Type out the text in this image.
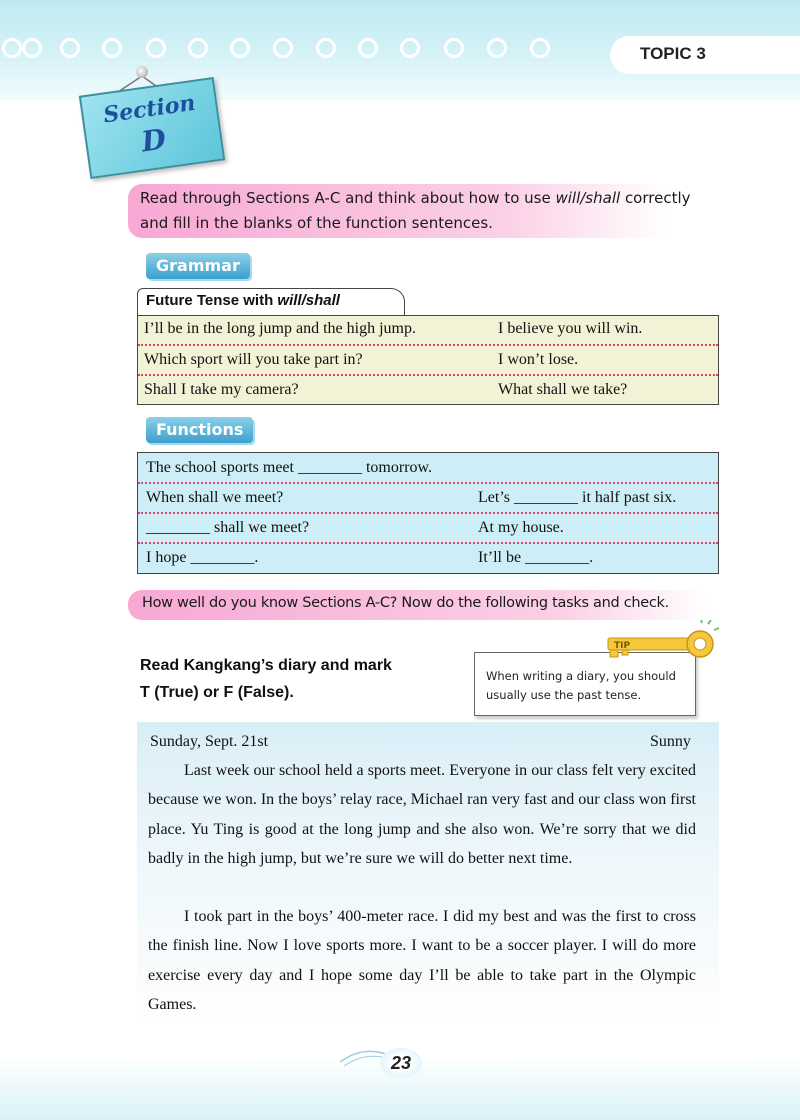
TOPIC 3
Section
D
Read through Sections A-C and think about how to use will/shall correctly
and fill in the blanks of the function sentences.
Grammar
Future Tense with will/shall
I’ll be in the long jump and the high jump.	I believe you will win.
Which sport will you take part in?	I won’t lose.
Shall I take my camera?	What shall we take?
Functions
The school sports meet ________ tomorrow.
When shall we meet?	Let’s ________ it half past six.
________ shall we meet?	At my house.
I hope ________.	It’ll be ________.
How well do you know Sections A-C? Now do the following tasks and check.
Read Kangkang’s diary and mark
T (True) or F (False).
When writing a diary, you should usually use the past tense.
TIP
Sunday, Sept. 21st	Sunny
Last week our school held a sports meet. Everyone in our class felt very excited because we won. In the boys’ relay race, Michael ran very fast and our class won first place. Yu Ting is good at the long jump and she also won. We’re sorry that we did badly in the high jump, but we’re sure we will do better next time.
I took part in the boys’ 400-meter race. I did my best and was the first to cross the finish line. Now I love sports more. I want to be a soccer player. I will do more exercise every day and I hope some day I’ll be able to take part in the Olympic Games.
23
